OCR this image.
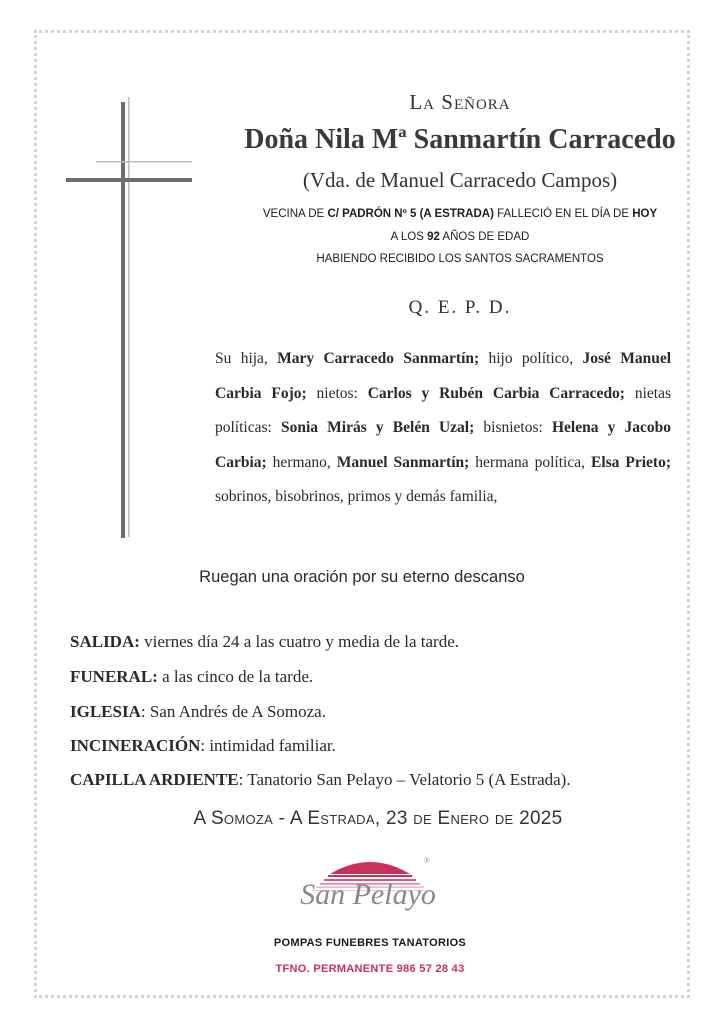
La Señora
Doña Nila Mª Sanmartín Carracedo
(Vda. de Manuel Carracedo Campos)
VECINA DE C/ PADRÓN Nº 5 (A ESTRADA) FALLECIÓ EN EL DÍA DE HOY
A LOS 92 AÑOS DE EDAD
HABIENDO RECIBIDO LOS SANTOS SACRAMENTOS
Q. E. P. D.
Su hija, Mary Carracedo Sanmartín; hijo político, José Manuel Carbia Fojo; nietos: Carlos y Rubén Carbia Carracedo; nietas políticas: Sonia Mirás y Belén Uzal; bisnietos: Helena y Jacobo Carbia; hermano, Manuel Sanmartín; hermana política, Elsa Prieto; sobrinos, bisobrinos, primos y demás familia,
Ruegan una oración por su eterno descanso
SALIDA: viernes día 24 a las cuatro y media de la tarde.
FUNERAL: a las cinco de la tarde.
IGLESIA: San Andrés de A Somoza.
INCINERACIÓN: intimidad familiar.
CAPILLA ARDIENTE: Tanatorio San Pelayo – Velatorio 5 (A Estrada).
A Somoza - A Estrada, 23 de Enero de 2025
San Pelayo
®
POMPAS FUNEBRES TANATORIOS
TFNO. PERMANENTE 986 57 28 43
